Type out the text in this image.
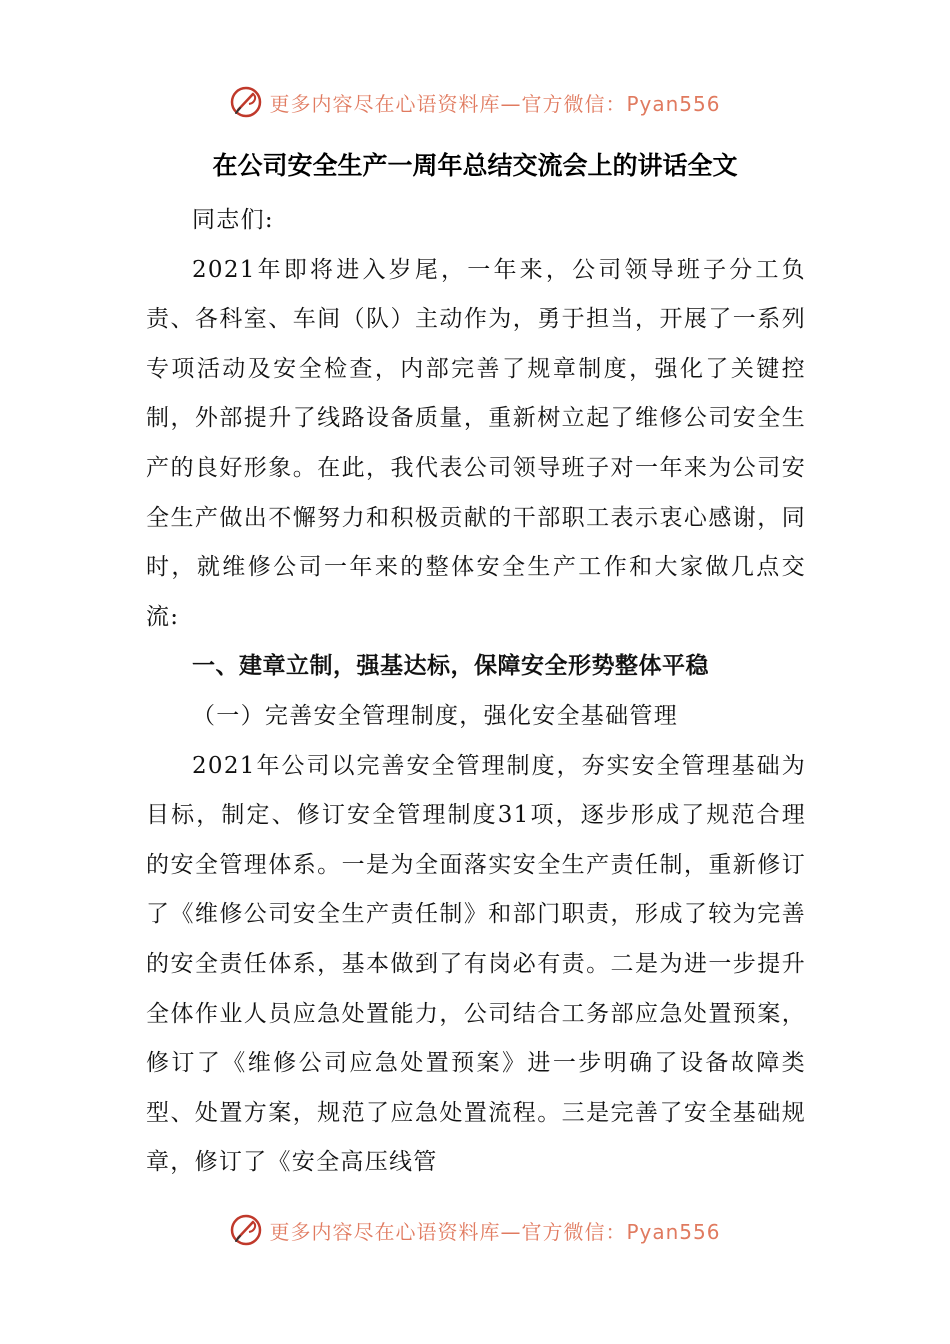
更多内容尽在心语资料库—官方微信：Pyan556
在公司安全生产一周年总结交流会上的讲话全文

同志们:

2021年即将进入岁尾，一年来，公司领导班子分工负责、各科室、车间（队）主动作为，勇于担当，开展了一系列专项活动及安全检查，内部完善了规章制度，强化了关键控制，外部提升了线路设备质量，重新树立起了维修公司安全生产的良好形象。在此，我代表公司领导班子对一年来为公司安全生产做出不懈努力和积极贡献的干部职工表示衷心感谢，同时，就维修公司一年来的整体安全生产工作和大家做几点交流:

一、建章立制，强基达标，保障安全形势整体平稳

（一）完善安全管理制度，强化安全基础管理

2021年公司以完善安全管理制度，夯实安全管理基础为目标，制定、修订安全管理制度31项，逐步形成了规范合理的安全管理体系。一是为全面落实安全生产责任制，重新修订了《维修公司安全生产责任制》和部门职责，形成了较为完善的安全责任体系，基本做到了有岗必有责。二是为进一步提升全体作业人员应急处置能力，公司结合工务部应急处置预案，修订了《维修公司应急处置预案》进一步明确了设备故障类型、处置方案，规范了应急处置流程。三是完善了安全基础规章，修订了《安全高压线管

更多内容尽在心语资料库—官方微信：Pyan556
